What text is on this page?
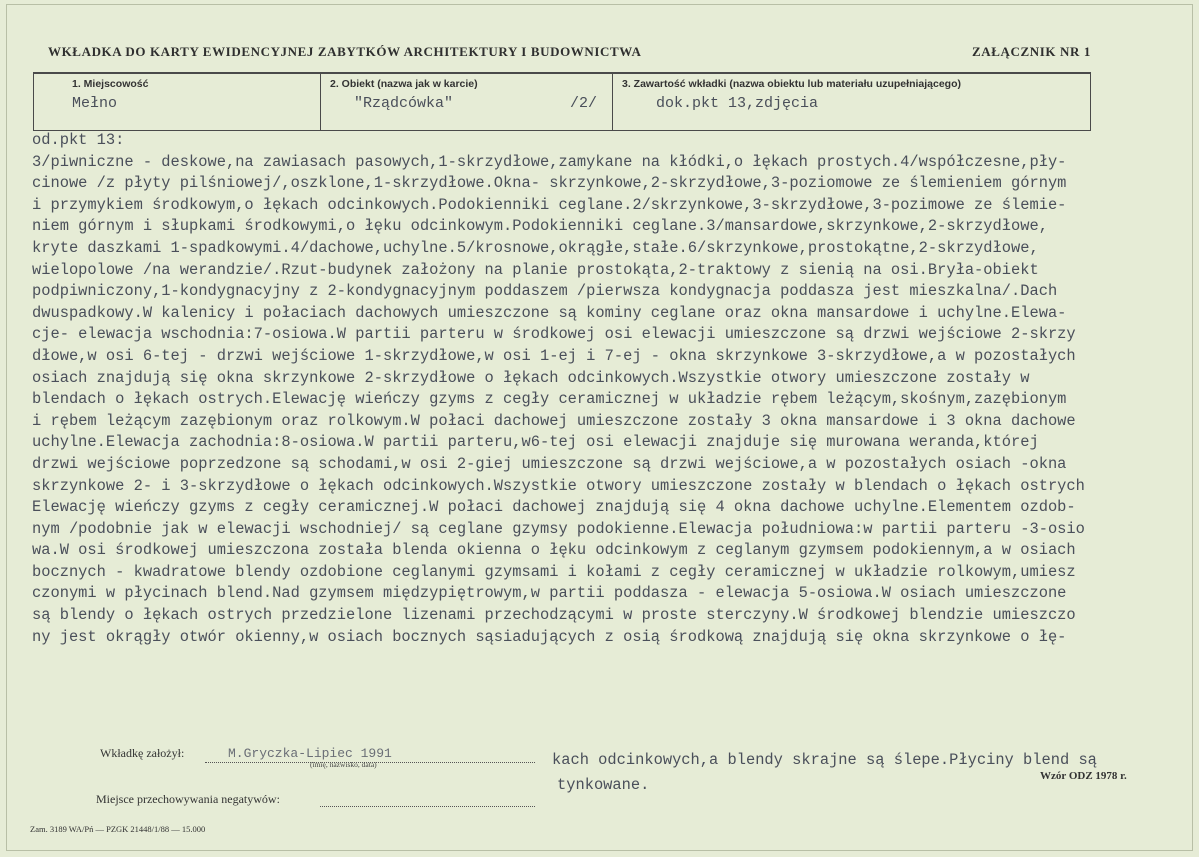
WKŁADKA DO KARTY EWIDENCYJNEJ ZABYTKÓW ARCHITEKTURY I BUDOWNICTWA	ZAŁĄCZNIK NR 1
1. Miejscowość
Mełno
2. Obiekt (nazwa jak w karcie)
"Rządcówka"	/2/
3. Zawartość wkładki (nazwa obiektu lub materiału uzupełniającego)
dok.pkt 13,zdjęcia
od.pkt 13:
3/piwniczne - deskowe,na zawiasach pasowych,1-skrzydłowe,zamykane na kłódki,o łękach prostych.4/współczesne,pły-
cinowe /z płyty pilśniowej/,oszklone,1-skrzydłowe.Okna- skrzynkowe,2-skrzydłowe,3-poziomowe ze ślemieniem górnym
i przymykiem środkowym,o łękach odcinkowych.Podokienniki ceglane.2/skrzynkowe,3-skrzydłowe,3-pozimowe ze ślemie-
niem górnym i słupkami środkowymi,o łęku odcinkowym.Podokienniki ceglane.3/mansardowe,skrzynkowe,2-skrzydłowe,
kryte daszkami 1-spadkowymi.4/dachowe,uchylne.5/krosnowe,okrągłe,stałe.6/skrzynkowe,prostokątne,2-skrzydłowe,
wielopolowe /na werandzie/.Rzut-budynek założony na planie prostokąta,2-traktowy z sienią na osi.Bryła-obiekt
podpiwniczony,1-kondygnacyjny z 2-kondygnacyjnym poddaszem /pierwsza kondygnacja poddasza jest mieszkalna/.Dach
dwuspadkowy.W kalenicy i połaciach dachowych umieszczone są kominy ceglane oraz okna mansardowe i uchylne.Elewa-
cje- elewacja wschodnia:7-osiowa.W partii parteru w środkowej osi elewacji umieszczone są drzwi wejściowe 2-skrzy
dłowe,w osi 6-tej - drzwi wejściowe 1-skrzydłowe,w osi 1-ej i 7-ej - okna skrzynkowe 3-skrzydłowe,a w pozostałych
osiach znajdują się okna skrzynkowe 2-skrzydłowe o łękach odcinkowych.Wszystkie otwory umieszczone zostały w
blendach o łękach ostrych.Elewację wieńczy gzyms z cegły ceramicznej w układzie rębem leżącym,skośnym,zazębionym
i rębem leżącym zazębionym oraz rolkowym.W połaci dachowej umieszczone zostały 3 okna mansardowe i 3 okna dachowe
uchylne.Elewacja zachodnia:8-osiowa.W partii parteru,w6-tej osi elewacji znajduje się murowana weranda,której
drzwi wejściowe poprzedzone są schodami,w osi 2-giej umieszczone są drzwi wejściowe,a w pozostałych osiach -okna
skrzynkowe 2- i 3-skrzydłowe o łękach odcinkowych.Wszystkie otwory umieszczone zostały w blendach o łękach ostrych
Elewację wieńczy gzyms z cegły ceramicznej.W połaci dachowej znajdują się 4 okna dachowe uchylne.Elementem ozdob-
nym /podobnie jak w elewacji wschodniej/ są ceglane gzymsy podokienne.Elewacja południowa:w partii parteru -3-osio
wa.W osi środkowej umieszczona została blenda okienna o łęku odcinkowym z ceglanym gzymsem podokiennym,a w osiach
bocznych - kwadratowe blendy ozdobione ceglanymi gzymsami i kołami z cegły ceramicznej w układzie rolkowym,umiesz
czonymi w płycinach blend.Nad gzymsem międzypiętrowym,w partii poddasza - elewacja 5-osiowa.W osiach umieszczone
są blendy o łękach ostrych przedzielone lizenami przechodzącymi w proste sterczyny.W środkowej blendzie umieszczo
ny jest okrągły otwór okienny,w osiach bocznych sąsiadujących z osią środkową znajdują się okna skrzynkowe o łę-
Wkładkę założył:	M.Gryczka-Lipiec 1991
(imię, nazwisko, data)	kach odcinkowych,a blendy skrajne są ślepe.Płyciny blend są
tynkowane.	Wzór ODZ 1978 r.
Miejsce przechowywania negatywów:
Zam. 3189 WA/Pń — PZGK 21448/1/88 — 15.000
